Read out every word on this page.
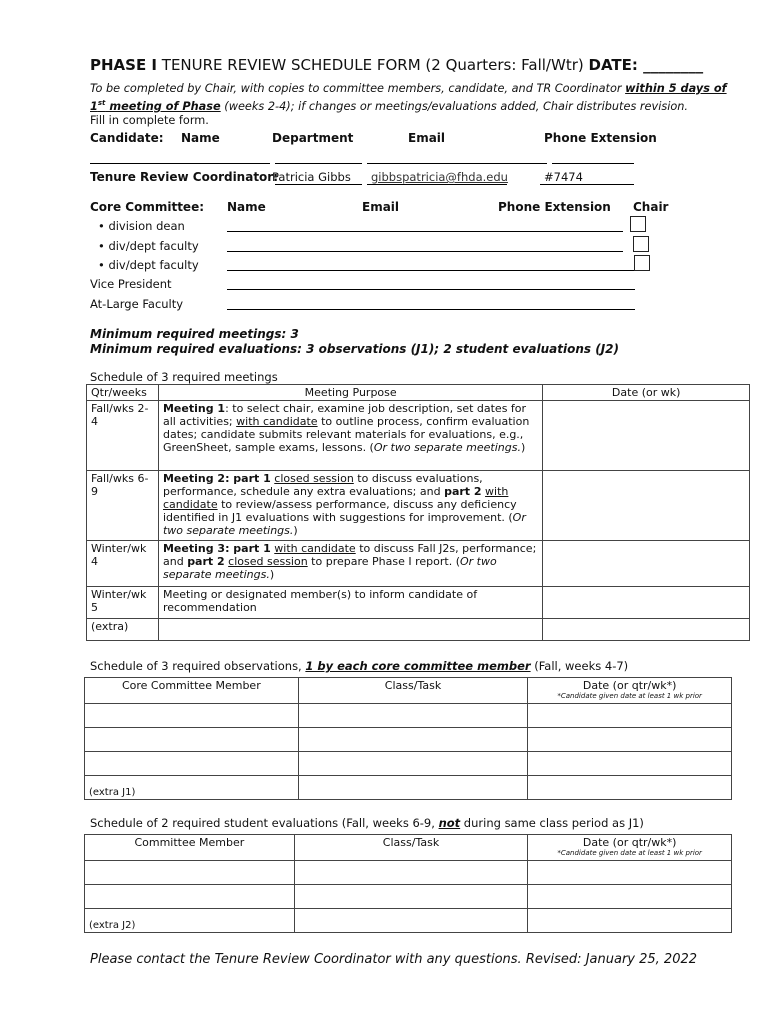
PHASE I TENURE REVIEW SCHEDULE FORM (2 Quarters: Fall/Wtr) DATE: ________
To be completed by Chair, with copies to committee members, candidate, and TR Coordinator within 5 days of
1st meeting of Phase (weeks 2-4); if changes or meetings/evaluations added, Chair distributes revision.
Fill in complete form.
Candidate: Name	Department	Email	Phone Extension
Tenure Review Coordinator:
Patricia Gibbs gibbspatricia@fhda.edu	#7474
Core Committee: Name	Email	Phone Extension Chair
• division dean
• div/dept faculty
• div/dept faculty
Vice President
At-Large Faculty
Minimum required meetings: 3
Minimum required evaluations: 3 observations (J1); 2 student evaluations (J2)
Schedule of 3 required meetings
Qtr/weeks	Meeting Purpose	Date (or wk)
Fall/wks 2-4	Meeting 1: to select chair, examine job description, set dates for all activities; with candidate to outline process, confirm evaluation dates; candidate submits relevant materials for evaluations, e.g., GreenSheet, sample exams, lessons. (Or two separate meetings.)	
Fall/wks 6-9	Meeting 2: part 1 closed session to discuss evaluations, performance, schedule any extra evaluations; and part 2 with candidate to review/assess performance, discuss any deficiency identified in J1 evaluations with suggestions for improvement. (Or two separate meetings.)	
Winter/wk 4	Meeting 3: part 1 with candidate to discuss Fall J2s, performance; and part 2 closed session to prepare Phase I report. (Or two separate meetings.)	
Winter/wk 5	Meeting or designated member(s) to inform candidate of recommendation	
(extra)		
Schedule of 3 required observations, 1 by each core committee member (Fall, weeks 4-7)
Core Committee Member	Class/Task	Date (or qtr/wk*)
*Candidate given date at least 1 wk prior

(extra J1)		
Schedule of 2 required student evaluations (Fall, weeks 6-9, not during same class period as J1)
Committee Member	Class/Task	Date (or qtr/wk*)
*Candidate given date at least 1 wk prior

(extra J2)		
Please contact the Tenure Review Coordinator with any questions. Revised: January 25, 2022
